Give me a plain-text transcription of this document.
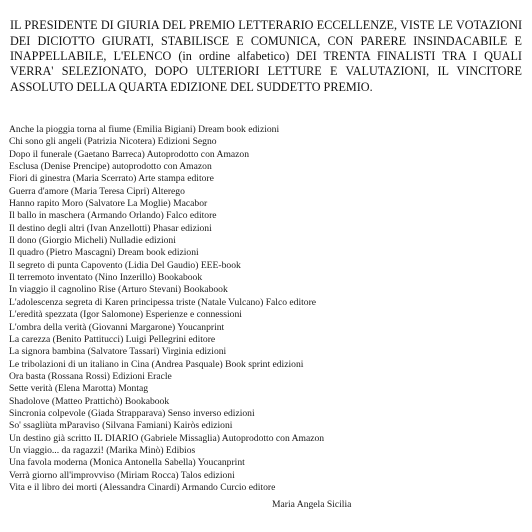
IL PRESIDENTE DI GIURIA DEL PREMIO LETTERARIO ECCELLENZE, VISTE LE VOTAZIONI DEI DICIOTTO GIURATI, STABILISCE E COMUNICA, CON PARERE INSINDACABILE E INAPPELLABILE, L'ELENCO (in ordine alfabetico) DEI TRENTA FINALISTI TRA I QUALI VERRA' SELEZIONATO, DOPO ULTERIORI LETTURE E VALUTAZIONI, IL VINCITORE ASSOLUTO DELLA QUARTA EDIZIONE DEL SUDDETTO PREMIO.

Anche la pioggia torna al fiume (Emilia Bigiani) Dream book edizioni
Chi sono gli angeli (Patrizia Nicotera) Edizioni Segno
Dopo il funerale (Gaetano Barreca) Autoprodotto con Amazon
Esclusa (Denise Prencipe) autoprodotto con Amazon
Fiori di ginestra (Maria Scerrato) Arte stampa editore
Guerra d'amore (Maria Teresa Cipri) Alterego
Hanno rapito Moro (Salvatore La Moglie) Macabor
Il ballo in maschera (Armando Orlando) Falco editore
Il destino degli altri (Ivan Anzellotti) Phasar edizioni
Il dono (Giorgio Micheli) Nulladie edizioni
Il quadro (Pietro Mascagni) Dream book edizioni
Il segreto di punta Capovento (Lidia Del Gaudio) EEE-book
Il terremoto inventato (Nino Inzerillo) Bookabook
In viaggio il cagnolino Rise (Arturo Stevani) Bookabook
L'adolescenza segreta di Karen principessa triste (Natale Vulcano) Falco editore
L'eredità spezzata (Igor Salomone) Esperienze e connessioni
L'ombra della verità (Giovanni Margarone) Youcanprint
La carezza (Benito Pattitucci) Luigi Pellegrini editore
La signora bambina (Salvatore Tassari) Virginia edizioni
Le tribolazioni di un italiano in Cina (Andrea Pasquale) Book sprint edizioni
Ora basta (Rossana Rossi) Edizioni Eracle
Sette verità (Elena Marotta) Montag
Shadolove (Matteo Prattichò) Bookabook
Sincronia colpevole (Giada Strapparava) Senso inverso edizioni
So' ssagliùta mParaviso (Silvana Famiani) Kairòs edizioni
Un destino già scritto IL DIARIO (Gabriele Missaglia) Autoprodotto con Amazon
Un viaggio... da ragazzi! (Marika Minò) Edibios
Una favola moderna (Monica Antonella Sabella) Youcanprint
Verrà giorno all'improvviso (Miriam Rocca) Talos edizioni
Vita e il libro dei morti (Alessandra Cinardi) Armando Curcio editore
Maria Angela Sicilia
